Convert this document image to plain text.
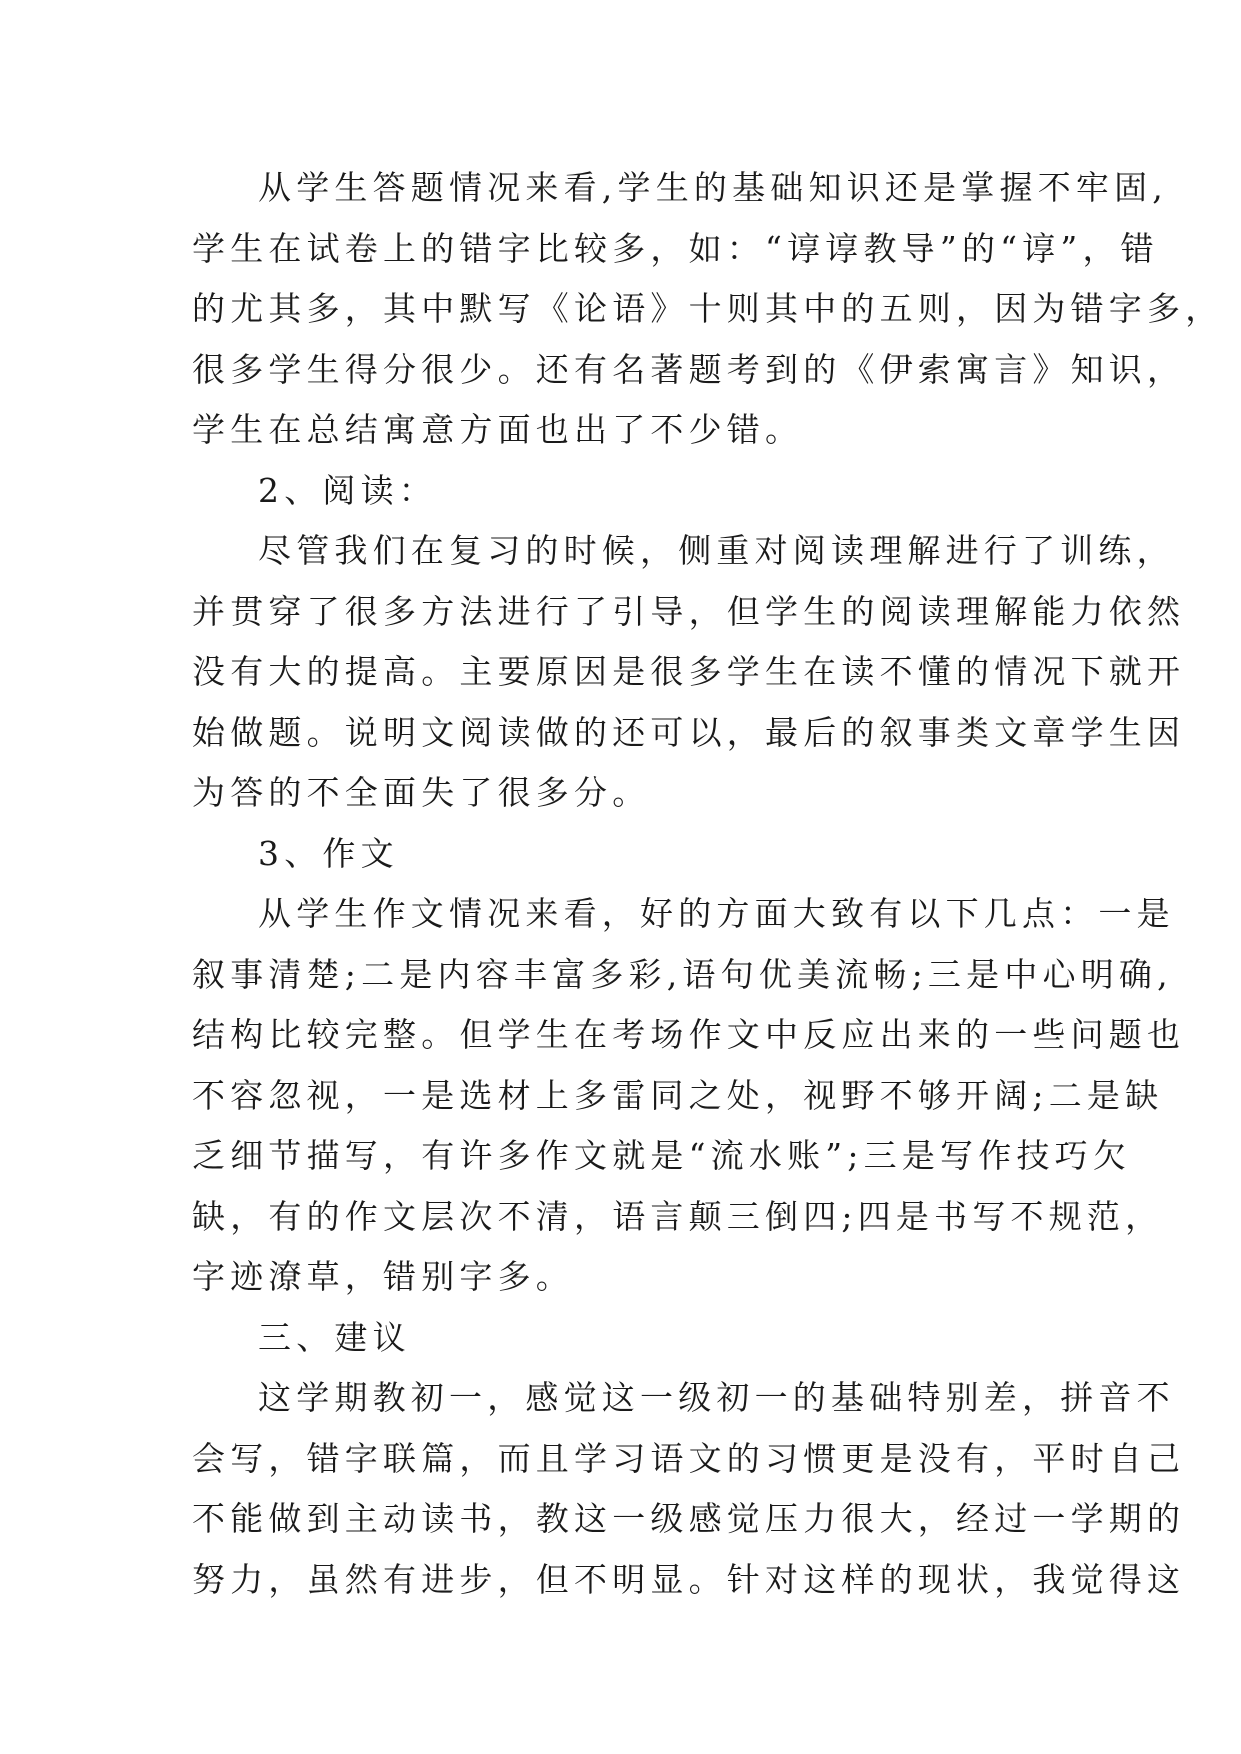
从学生答题情况来看,学生的基础知识还是掌握不牢固,
学生在试卷上的错字比较多，如：“谆谆教导”的“谆”，错
的尤其多，其中默写《论语》十则其中的五则，因为错字多，
很多学生得分很少。还有名著题考到的《伊索寓言》知识，
学生在总结寓意方面也出了不少错。
2、阅读：
尽管我们在复习的时候，侧重对阅读理解进行了训练，
并贯穿了很多方法进行了引导，但学生的阅读理解能力依然
没有大的提高。主要原因是很多学生在读不懂的情况下就开
始做题。说明文阅读做的还可以，最后的叙事类文章学生因
为答的不全面失了很多分。
3、作文
从学生作文情况来看，好的方面大致有以下几点：一是
叙事清楚;二是内容丰富多彩,语句优美流畅;三是中心明确,
结构比较完整。但学生在考场作文中反应出来的一些问题也
不容忽视，一是选材上多雷同之处，视野不够开阔;二是缺
乏细节描写，有许多作文就是“流水账”;三是写作技巧欠
缺，有的作文层次不清，语言颠三倒四;四是书写不规范，
字迹潦草，错别字多。
三、建议
这学期教初一，感觉这一级初一的基础特别差，拼音不
会写，错字联篇，而且学习语文的习惯更是没有，平时自己
不能做到主动读书，教这一级感觉压力很大，经过一学期的
努力，虽然有进步，但不明显。针对这样的现状，我觉得这
